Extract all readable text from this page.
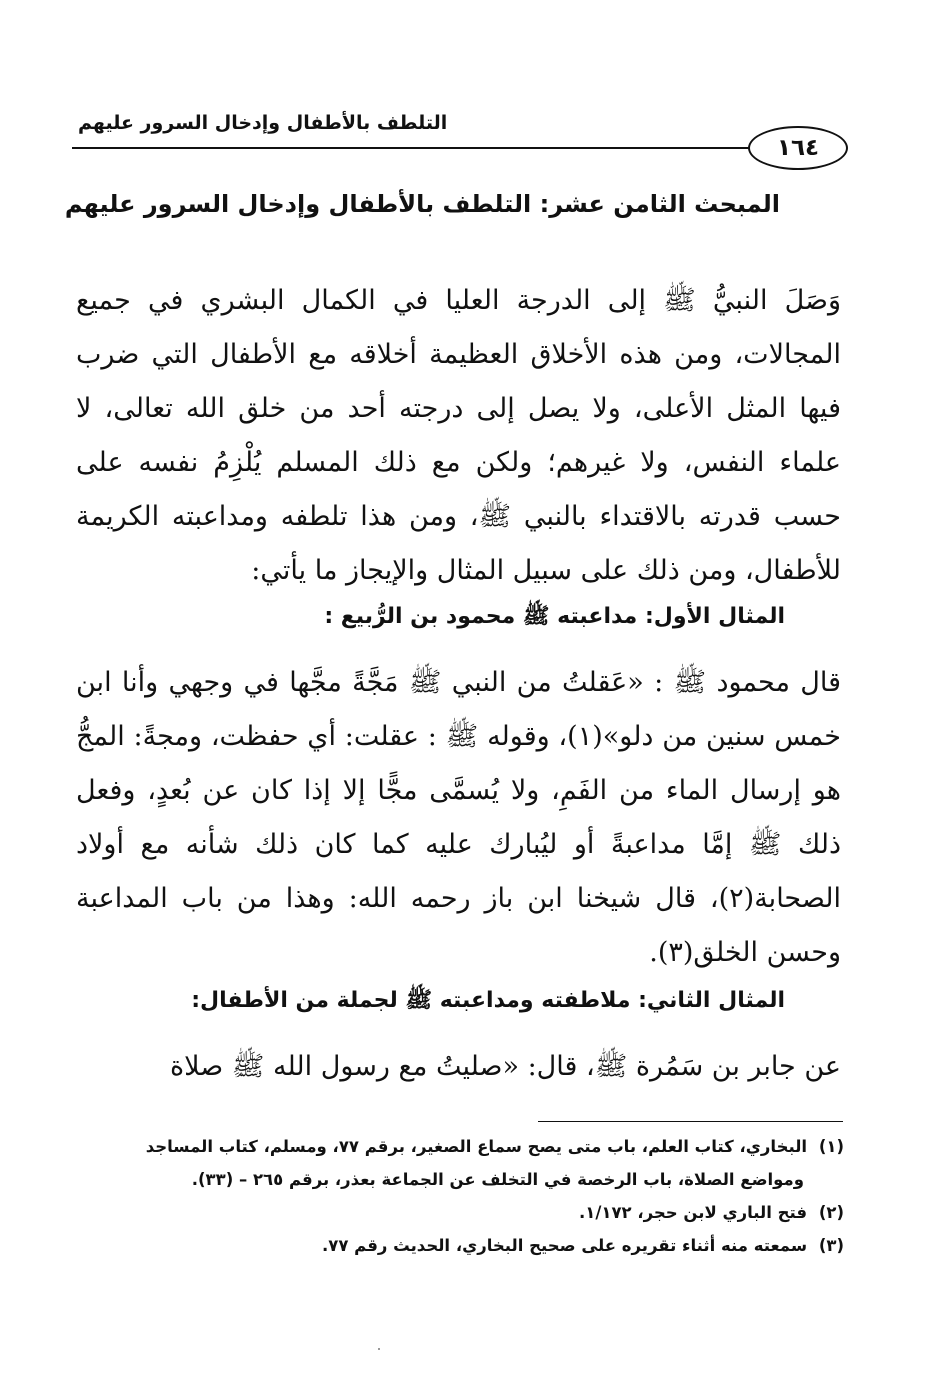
التلطف بالأطفال وإدخال السرور عليهم
١٦٤
المبحث الثامن عشر: التلطف بالأطفال وإدخال السرور عليهم
وَصَلَ النبيُّ ﷺ إلى الدرجة العليا في الكمال البشري في جميع المجالات، ومن هذه الأخلاق العظيمة أخلاقه مع الأطفال التي ضرب فيها المثل الأعلى، ولا يصل إلى درجته أحد من خلق الله تعالى، لا علماء النفس، ولا غيرهم؛ ولكن مع ذلك المسلم يُلْزِمُ نفسه على حسب قدرته بالاقتداء بالنبي ﷺ، ومن هذا تلطفه ومداعبته الكريمة للأطفال، ومن ذلك على سبيل المثال والإيجاز ما يأتي:
المثال الأول: مداعبته ﷺ محمود بن الرُّبيع :
قال محمود ﷺ : «عَقلتُ من النبي ﷺ مَجَّةً مجَّها في وجهي وأنا ابن خمس سنين من دلو»(١)، وقوله ﷺ : عقلت: أي حفظت، ومجةً: المجُّ هو إرسال الماء من الفَمِ، ولا يُسمَّى مجًّا إلا إذا كان عن بُعدٍ، وفعل ذلك ﷺ إمَّا مداعبةً أو ليُبارك عليه كما كان ذلك شأنه مع أولاد الصحابة(٢)، قال شيخنا ابن باز رحمه الله: وهذا من باب المداعبة وحسن الخلق(٣).
المثال الثاني: ملاطفته ومداعبته ﷺ لجملة من الأطفال:
عن جابر بن سَمُرة ﷺ، قال: «صليتُ مع رسول الله ﷺ صلاة
(١) البخاري، كتاب العلم، باب متى يصح سماع الصغير، برقم ٧٧، ومسلم، كتاب المساجد
ومواضع الصلاة، باب الرخصة في التخلف عن الجماعة بعذر، برقم ٢٦٥ – (٣٣).
(٢) فتح الباري لابن حجر، ١/١٧٢.
(٣) سمعته منه أثناء تقريره على صحيح البخاري، الحديث رقم ٧٧.
